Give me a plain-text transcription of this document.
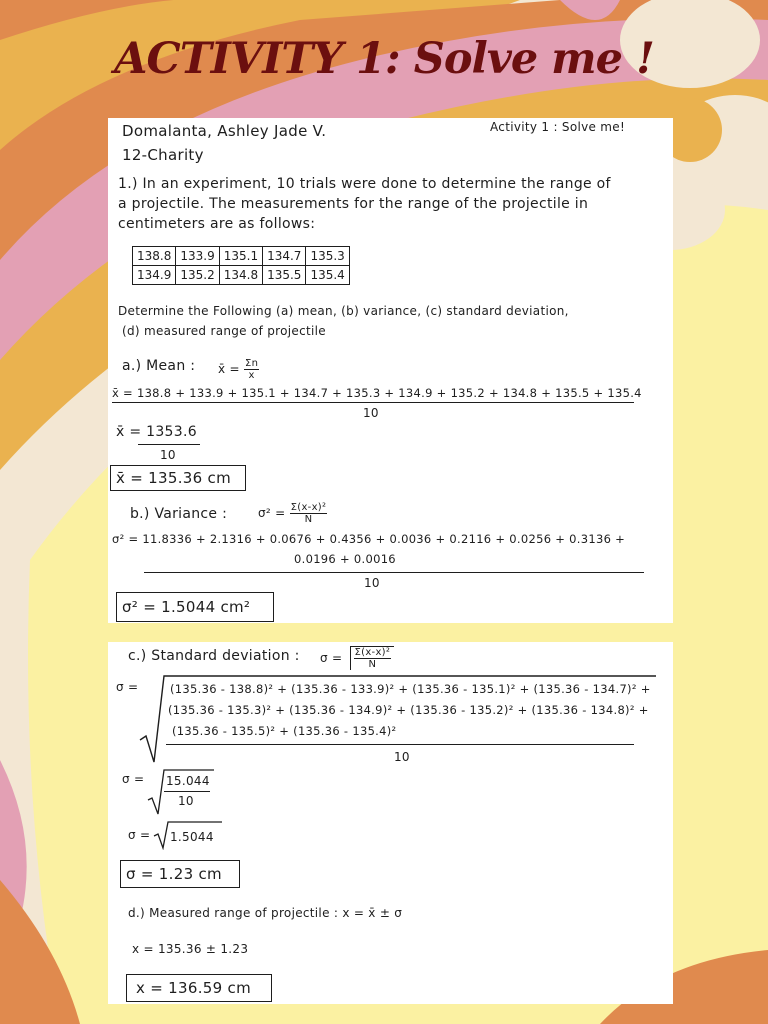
ACTIVITY 1: Solve me !
Domalanta, Ashley Jade V.
12-Charity
Activity 1 : Solve me!
1.) In an experiment, 10 trials were done to determine the range of
a projectile. The measurements for the range of the projectile in
centimeters are as follows:
138.8	133.9	135.1	134.7	135.3
134.9	135.2	134.8	135.5	135.4
Determine the Following (a) mean, (b) variance, (c) standard deviation,
(d) measured range of projectile
a.) Mean : x̄ = $\frac{\Sigma n}{x}$
x̄ = 138.8 + 133.9 + 135.1 + 134.7 + 135.3 + 134.9 + 135.2 + 134.8 + 135.5 + 135.4
10
x̄ = 1353.6
10
x̄ = 135.36 cm
b.) Variance :	$\sigma^2 = \frac{\text{Σ(x-x)²}}{N}$
σ² = 11.8336 + 2.1316 + 0.0676 + 0.4356 + 0.0036 + 0.2116 + 0.0256 + 0.3136 +
0.0196 + 0.0016
10
σ² = 1.5044 cm²
c.) Standard deviation : $\sigma = \frac{\text{Σ(x-x)²}}{N}$
σ =	(135.36 - 138.8)² + (135.36 - 133.9)² + (135.36 - 135.1)² + (135.36 - 134.7)² +
(135.36 - 135.3)² + (135.36 - 134.9)² + (135.36 - 135.2)² + (135.36 - 134.8)² +
(135.36 - 135.5)² + (135.36 - 135.4)²
10
σ = 15.044
10
σ = 1.5044
σ = 1.23 cm
d.) Measured range of projectile : x = x̄ ± σ
x = 135.36 ± 1.23
x = 136.59 cm
